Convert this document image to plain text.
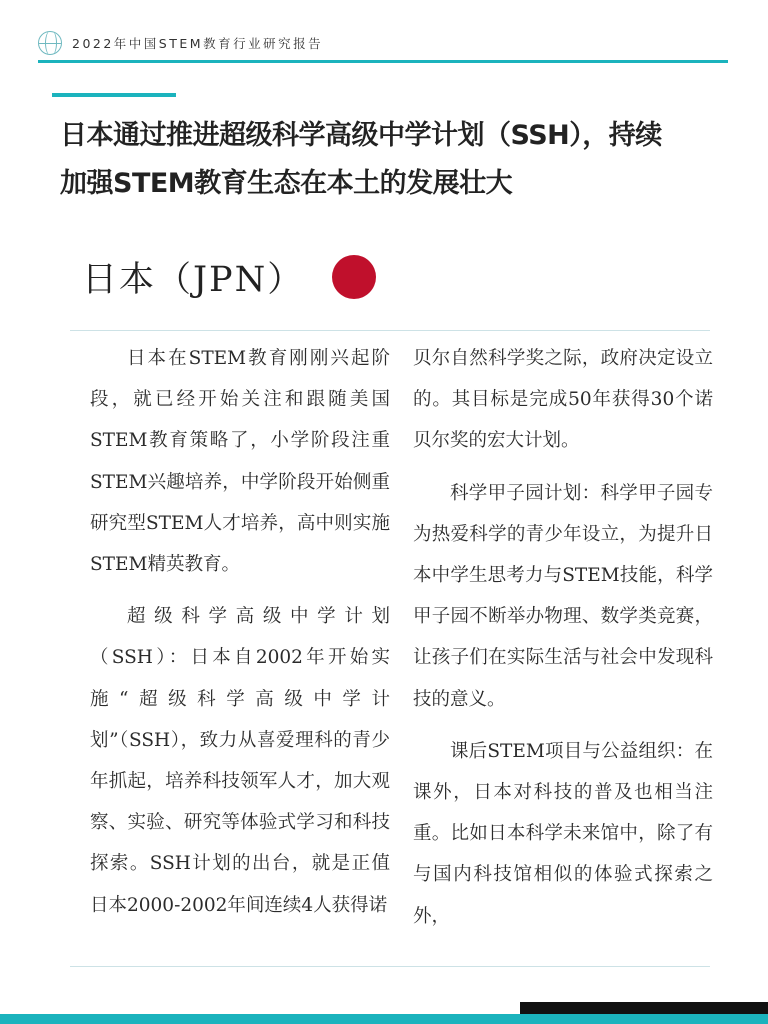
2022年中国STEM教育行业研究报告
日本通过推进超级科学高级中学计划（SSH），持续
加强STEM教育生态在本土的发展壮大
日本（JPN）

日本在STEM教育刚刚兴起阶段，就已经开始关注和跟随美国STEM教育策略了，小学阶段注重STEM兴趣培养，中学阶段开始侧重研究型STEM人才培养，高中则实施STEM精英教育。

超级科学高级中学计划（SSH）：日本自2002年开始实施“超级科学高级中学计划”（SSH），致力从喜爱理科的青少年抓起，培养科技领军人才，加大观察、实验、研究等体验式学习和科技探索。SSH计划的出台，就是正值日本2000-2002年间连续4人获得诺

贝尔自然科学奖之际，政府决定设立的。其目标是完成50年获得30个诺贝尔奖的宏大计划。

科学甲子园计划：科学甲子园专为热爱科学的青少年设立，为提升日本中学生思考力与STEM技能，科学甲子园不断举办物理、数学类竞赛，让孩子们在实际生活与社会中发现科技的意义。

课后STEM项目与公益组织：在课外，日本对科技的普及也相当注重。比如日本科学未来馆中，除了有与国内科技馆相似的体验式探索之外，
